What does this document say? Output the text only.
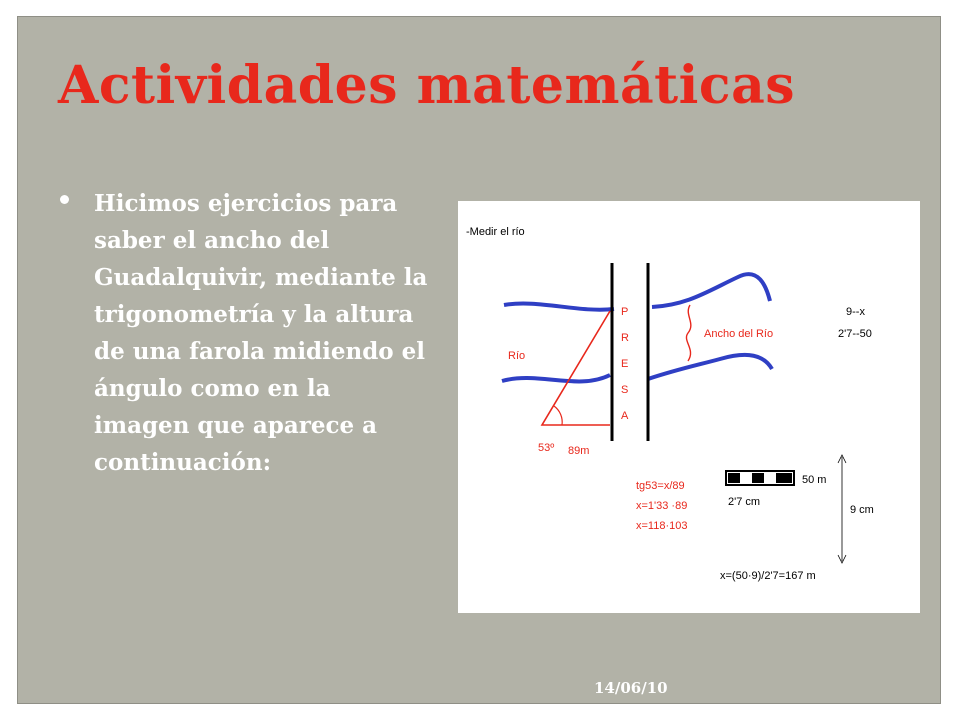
Actividades matemáticas
Hicimos ejercicios para saber el ancho del Guadalquivir, mediante la trigonometría y la altura de una farola midiendo el ángulo como en la imagen que aparece a continuación:
-Medir el río
P
R
E
S
A
Río
53º 89m
Ancho del Río
9--x
2'7--50
tg53=x/89
x=1'33 ·89
x=118·103
50 m
2'7 cm
9 cm
x=(50·9)/2'7=167 m
14/06/10
